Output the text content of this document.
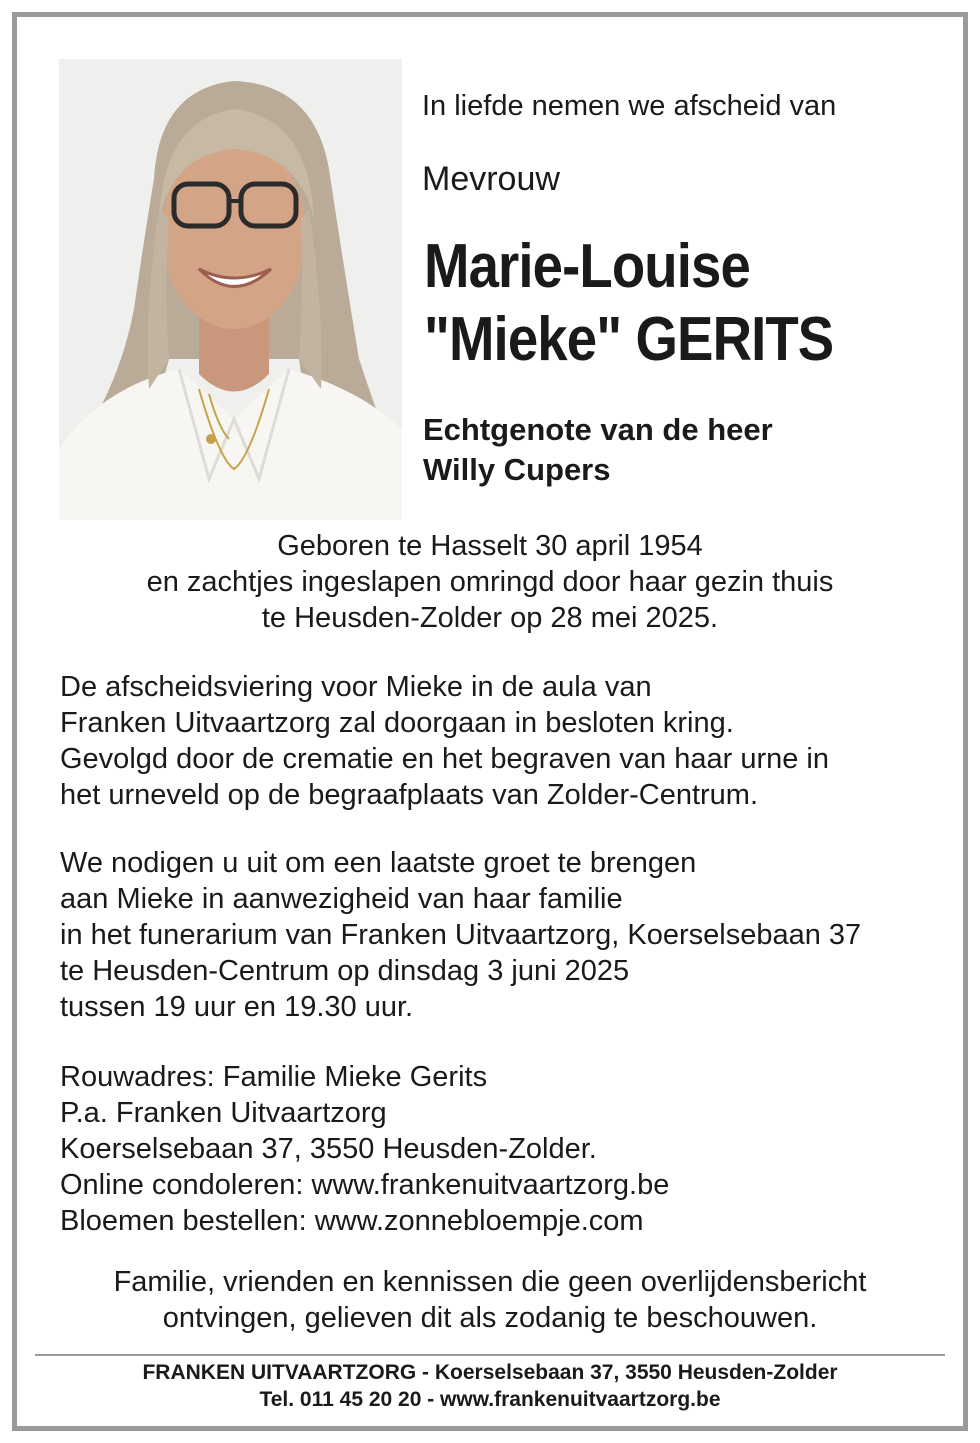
In liefde nemen we afscheid van
Mevrouw
Marie-Louise
"Mieke" GERITS
Echtgenote van de heer
Willy Cupers
Geboren te Hasselt 30 april 1954
en zachtjes ingeslapen omringd door haar gezin thuis
te Heusden-Zolder op 28 mei 2025.
De afscheidsviering voor Mieke in de aula van
Franken Uitvaartzorg zal doorgaan in besloten kring.
Gevolgd door de crematie en het begraven van haar urne in
het urneveld op de begraafplaats van Zolder-Centrum.
We nodigen u uit om een laatste groet te brengen
aan Mieke in aanwezigheid van haar familie
in het funerarium van Franken Uitvaartzorg, Koerselsebaan 37
te Heusden-Centrum op dinsdag 3 juni 2025
tussen 19 uur en 19.30 uur.
Rouwadres: Familie Mieke Gerits
P.a. Franken Uitvaartzorg
Koerselsebaan 37, 3550 Heusden-Zolder.
Online condoleren: www.frankenuitvaartzorg.be
Bloemen bestellen: www.zonnebloempje.com
Familie, vrienden en kennissen die geen overlijdensbericht
ontvingen, gelieven dit als zodanig te beschouwen.
FRANKEN UITVAARTZORG - Koerselsebaan 37, 3550 Heusden-Zolder
Tel. 011 45 20 20 - www.frankenuitvaartzorg.be
